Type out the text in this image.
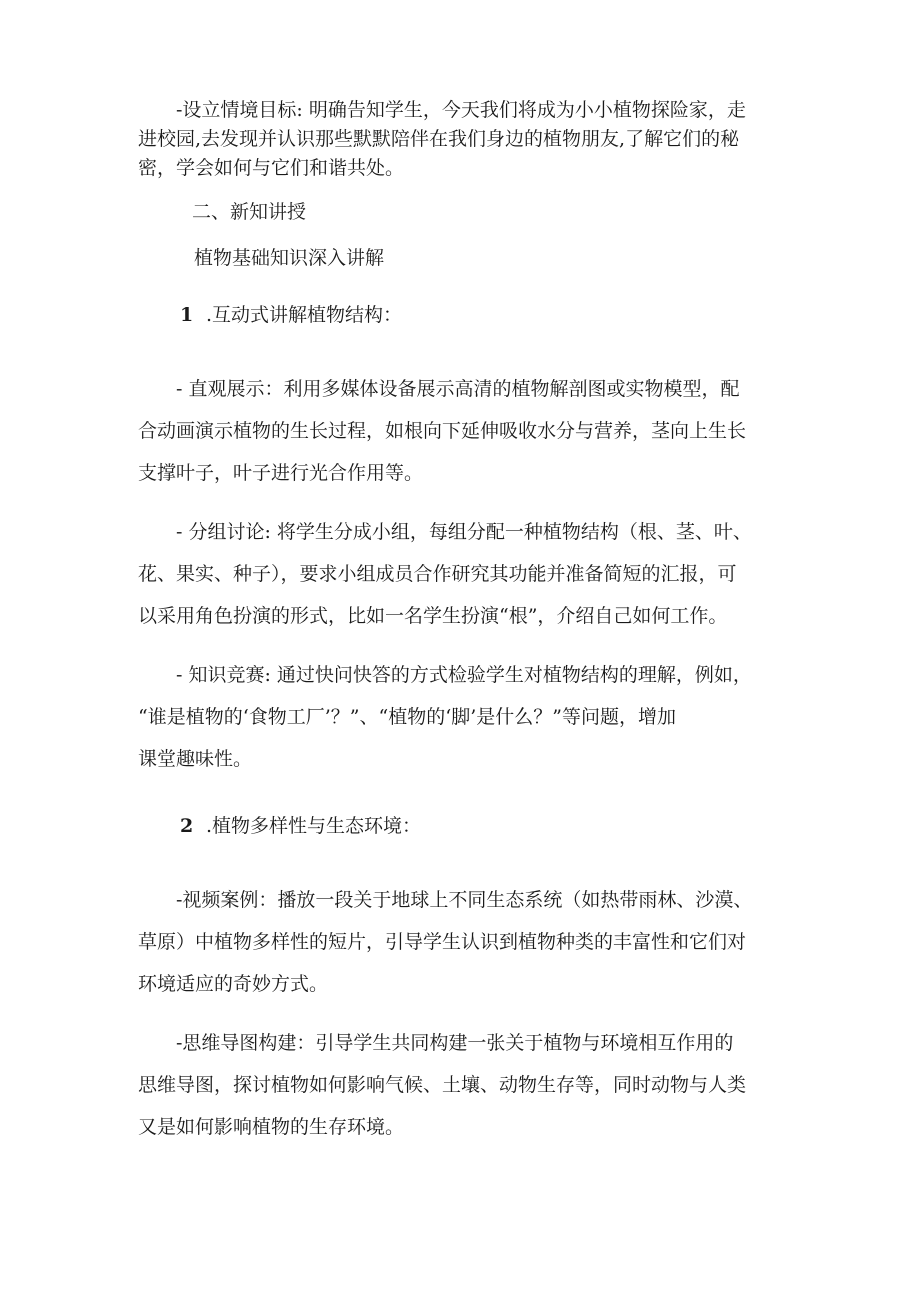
-设立情境目标: 明确告知学生，今天我们将成为小小植物探险家，走
进校园,去发现并认识那些默默陪伴在我们身边的植物朋友,了解它们的秘
密，学会如何与它们和谐共处。
二、新知讲授
植物基础知识深入讲解
1 .互动式讲解植物结构：
- 直观展示：利用多媒体设备展示高清的植物解剖图或实物模型，配
合动画演示植物的生长过程，如根向下延伸吸收水分与营养，茎向上生长
支撑叶子，叶子进行光合作用等。
- 分组讨论: 将学生分成小组，每组分配一种植物结构（根、茎、叶、
花、果实、种子），要求小组成员合作研究其功能并准备简短的汇报，可
以采用角色扮演的形式，比如一名学生扮演“根”，介绍自己如何工作。
- 知识竞赛: 通过快问快答的方式检验学生对植物结构的理解，例如，
“谁是植物的‘食物工厂’？”、“植物的‘脚’是什么？”等问题，增加
课堂趣味性。
2 .植物多样性与生态环境：
-视频案例：播放一段关于地球上不同生态系统（如热带雨林、沙漠、
草原）中植物多样性的短片，引导学生认识到植物种类的丰富性和它们对
环境适应的奇妙方式。
-思维导图构建：引导学生共同构建一张关于植物与环境相互作用的
思维导图，探讨植物如何影响气候、土壤、动物生存等，同时动物与人类
又是如何影响植物的生存环境。
